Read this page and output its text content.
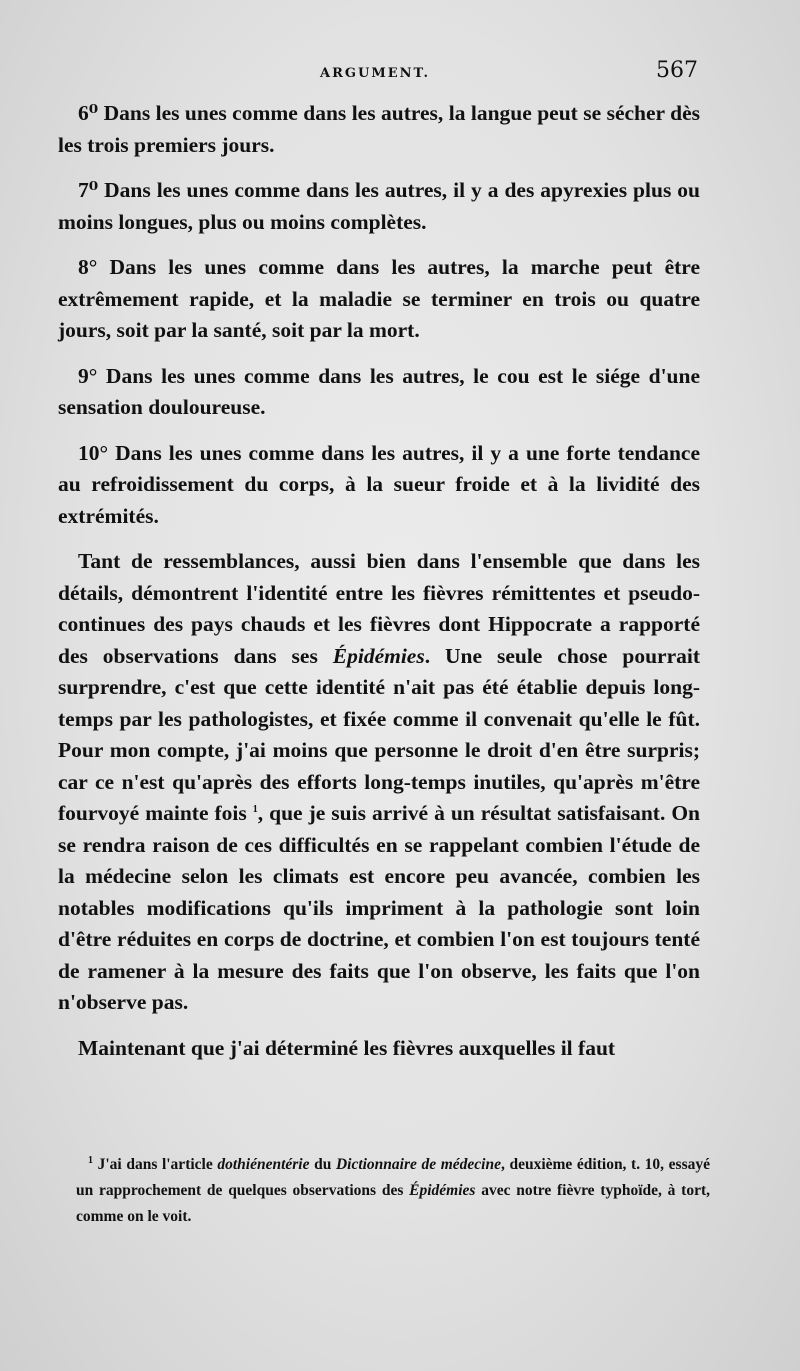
ARGUMENT.	567

6⁰ Dans les unes comme dans les autres, la langue peut se sécher dès les trois premiers jours.

7⁰ Dans les unes comme dans les autres, il y a des apyrexies plus ou moins longues, plus ou moins complètes.

8° Dans les unes comme dans les autres, la marche peut être extrêmement rapide, et la maladie se terminer en trois ou quatre jours, soit par la santé, soit par la mort.

9° Dans les unes comme dans les autres, le cou est le siége d'une sensation douloureuse.

10° Dans les unes comme dans les autres, il y a une forte tendance au refroidissement du corps, à la sueur froide et à la lividité des extrémités.

Tant de ressemblances, aussi bien dans l'ensemble que dans les détails, démontrent l'identité entre les fièvres rémittentes et pseudo-continues des pays chauds et les fièvres dont Hippocrate a rapporté des observations dans ses Épidémies. Une seule chose pourrait surprendre, c'est que cette identité n'ait pas été établie depuis long-temps par les pathologistes, et fixée comme il convenait qu'elle le fût. Pour mon compte, j'ai moins que personne le droit d'en être surpris; car ce n'est qu'après des efforts long-temps inutiles, qu'après m'être fourvoyé mainte fois $^1$, que je suis arrivé à un résultat satisfaisant. On se rendra raison de ces difficultés en se rappelant combien l'étude de la médecine selon les climats est encore peu avancée, combien les notables modifications qu'ils impriment à la pathologie sont loin d'être réduites en corps de doctrine, et combien l'on est toujours tenté de ramener à la mesure des faits que l'on observe, les faits que l'on n'observe pas.

Maintenant que j'ai déterminé les fièvres auxquelles il faut

$^1$ J'ai dans l'article dothiénentérie du Dictionnaire de médecine, deuxième édition, t. 10, essayé un rapprochement de quelques observations des Épidémies avec notre fièvre typhoïde, à tort, comme on le voit.
